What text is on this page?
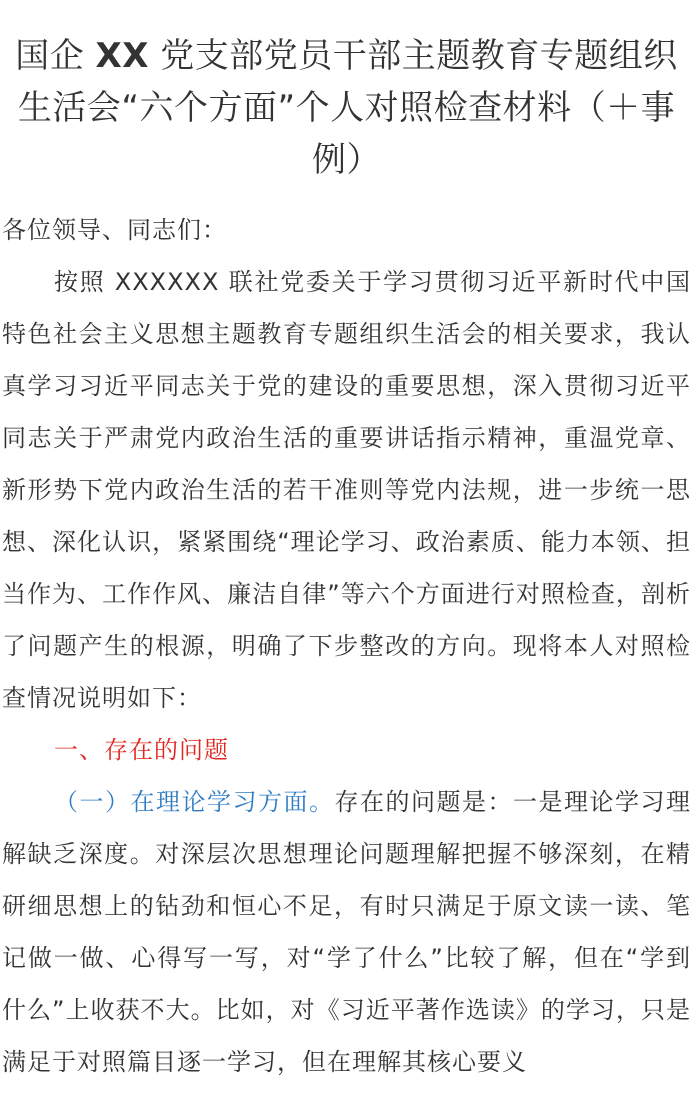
国企 XX 党支部党员干部主题教育专题组织生活会“六个方面”个人对照检查材料（＋事例）

各位领导、同志们：

按照 XXXXXX 联社党委关于学习贯彻习近平新时代中国特色社会主义思想主题教育专题组织生活会的相关要求，我认真学习习近平同志关于党的建设的重要思想，深入贯彻习近平同志关于严肃党内政治生活的重要讲话指示精神，重温党章、新形势下党内政治生活的若干准则等党内法规，进一步统一思想、深化认识，紧紧围绕“理论学习、政治素质、能力本领、担当作为、工作作风、廉洁自律”等六个方面进行对照检查，剖析了问题产生的根源，明确了下步整改的方向。现将本人对照检查情况说明如下：

一、存在的问题

（一）在理论学习方面。存在的问题是：一是理论学习理解缺乏深度。对深层次思想理论问题理解把握不够深刻，在精研细思想上的钻劲和恒心不足，有时只满足于原文读一读、笔记做一做、心得写一写，对“学了什么”比较了解，但在“学到什么”上收获不大。比如，对《习近平著作选读》的学习，只是满足于对照篇目逐一学习，但在理解其核心要义
